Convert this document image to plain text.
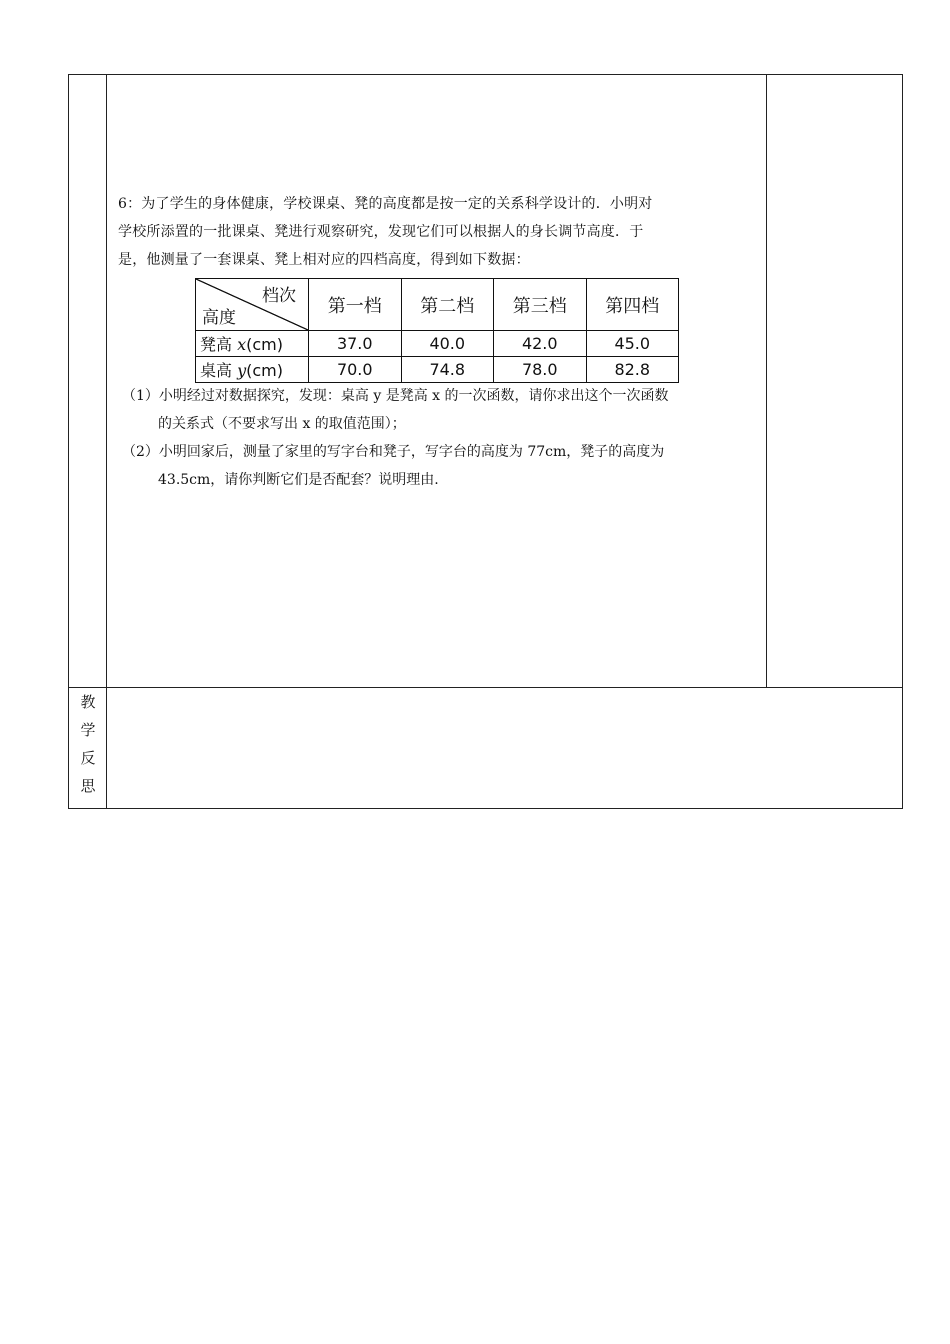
6：为了学生的身体健康，学校课桌、凳的高度都是按一定的关系科学设计的．小明对

学校所添置的一批课桌、凳进行观察研究，发现它们可以根据人的身长调节高度．于

是，他测量了一套课桌、凳上相对应的四档高度，得到如下数据：

档次
高度	第一档	第二档	第三档	第四档
凳高 x(cm)	37.0	40.0	42.0	45.0
桌高 y(cm)	70.0	74.8	78.0	82.8

（1）小明经过对数据探究，发现：桌高 y 是凳高 x 的一次函数，请你求出这个一次函数

的关系式（不要求写出 x 的取值范围）；

（2）小明回家后，测量了家里的写字台和凳子，写字台的高度为 77cm，凳子的高度为

43.5cm，请你判断它们是否配套？说明理由.

教
学
反
思
